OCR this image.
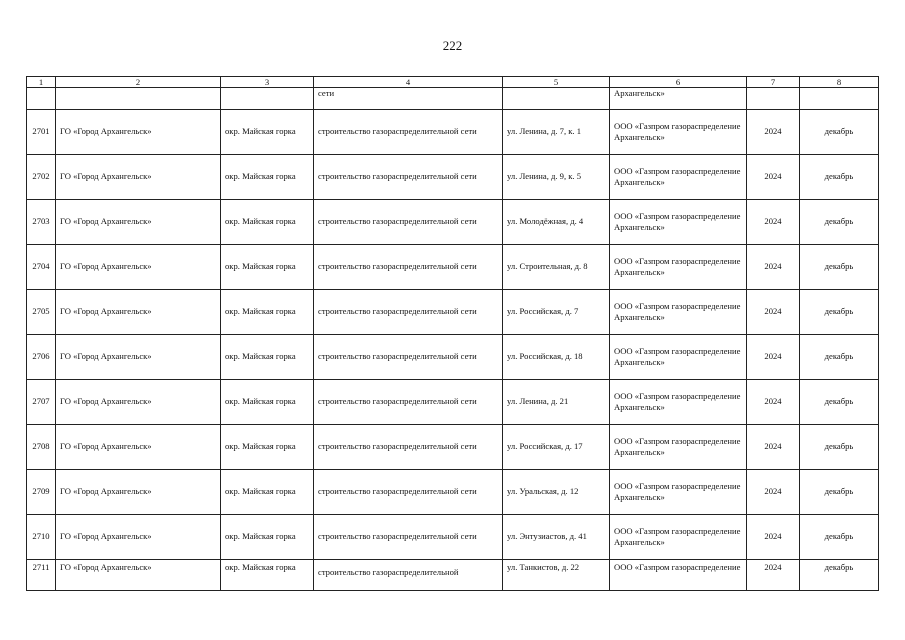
222
1	2	3	4	5	6	7	8
			сети		Архангельск»		
2701	ГО «Город Архангельск»	окр. Майская горка	строительство газораспределительной сети	ул. Ленина, д. 7, к. 1	ООО «Газпром газораспределение Архангельск»	2024	декабрь
2702	ГО «Город Архангельск»	окр. Майская горка	строительство газораспределительной сети	ул. Ленина, д. 9, к. 5	ООО «Газпром газораспределение Архангельск»	2024	декабрь
2703	ГО «Город Архангельск»	окр. Майская горка	строительство газораспределительной сети	ул. Молодёжная, д. 4	ООО «Газпром газораспределение Архангельск»	2024	декабрь
2704	ГО «Город Архангельск»	окр. Майская горка	строительство газораспределительной сети	ул. Строительная, д. 8	ООО «Газпром газораспределение Архангельск»	2024	декабрь
2705	ГО «Город Архангельск»	окр. Майская горка	строительство газораспределительной сети	ул. Российская, д. 7	ООО «Газпром газораспределение Архангельск»	2024	декабрь
2706	ГО «Город Архангельск»	окр. Майская горка	строительство газораспределительной сети	ул. Российская, д. 18	ООО «Газпром газораспределение Архангельск»	2024	декабрь
2707	ГО «Город Архангельск»	окр. Майская горка	строительство газораспределительной сети	ул. Ленина, д. 21	ООО «Газпром газораспределение Архангельск»	2024	декабрь
2708	ГО «Город Архангельск»	окр. Майская горка	строительство газораспределительной сети	ул. Российская, д. 17	ООО «Газпром газораспределение Архангельск»	2024	декабрь
2709	ГО «Город Архангельск»	окр. Майская горка	строительство газораспределительной сети	ул. Уральская, д. 12	ООО «Газпром газораспределение Архангельск»	2024	декабрь
2710	ГО «Город Архангельск»	окр. Майская горка	строительство газораспределительной сети	ул. Энтузиастов, д. 41	ООО «Газпром газораспределение Архангельск»	2024	декабрь
2711	ГО «Город Архангельск»	окр. Майская горка	строительство газораспределительной	ул. Танкистов, д. 22	ООО «Газпром газораспределение	2024	декабрь
